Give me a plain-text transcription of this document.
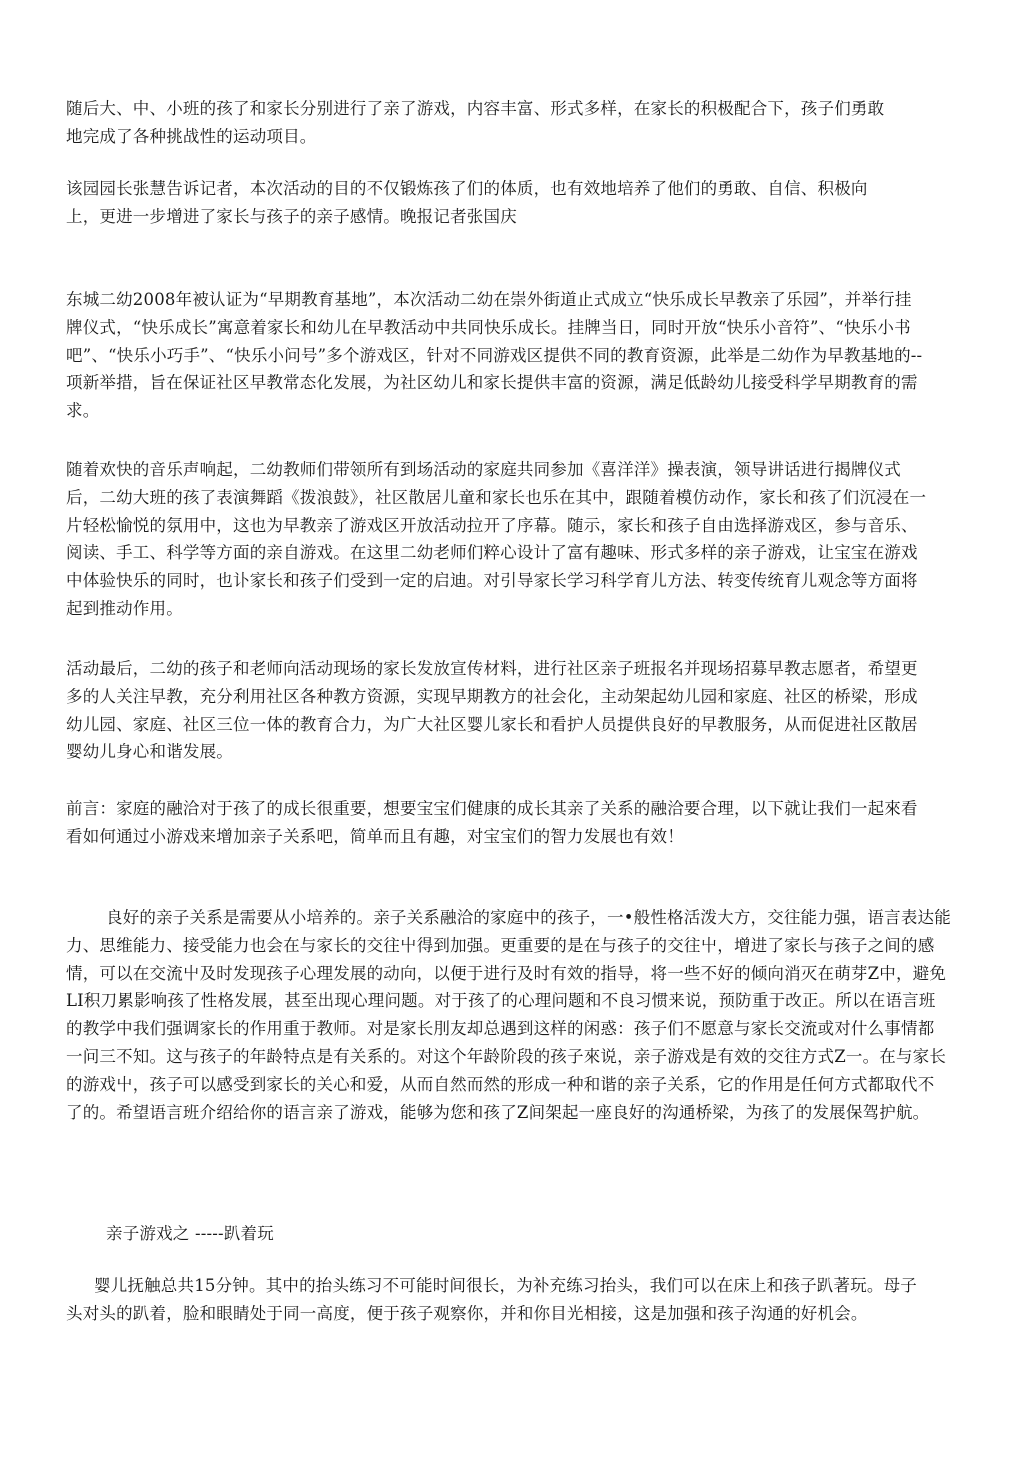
随后大、中、小班的孩了和家长分别进行了亲了游戏，内容丰富、形式多样，在家长的积极配合下，孩子们勇敢地完成了各种挑战性的运动项目。

该园园长张慧告诉记者，本次活动的目的不仅锻炼孩了们的体质，也有效地培养了他们的勇敢、自信、积极向上，更进一步增进了家长与孩子的亲子感情。晚报记者张国庆

东城二幼2008年被认证为“早期教育基地”，本次活动二幼在崇外街道止式成立“快乐成长早教亲了乐园”，并举行挂牌仪式，“快乐成长”寓意着家长和幼儿在早教活动中共同快乐成长。挂牌当日，同时开放“快乐小音符”、“快乐小书吧”、“快乐小巧手”、“快乐小问号”多个游戏区，针对不同游戏区提供不同的教育资源，此举是二幼作为早教基地的--项新举措，旨在保证社区早教常态化发展，为社区幼儿和家长提供丰富的资源，满足低龄幼儿接受科学早期教育的需求。

随着欢快的音乐声响起，二幼教师们带领所有到场活动的家庭共同参加《喜洋洋》操表演，领导讲话进行揭牌仪式后，二幼大班的孩了表演舞蹈《拨浪鼓》，社区散居儿童和家长也乐在其中，跟随着模仿动作，家长和孩了们沉浸在一片轻松愉悦的氛用中，这也为早教亲了游戏区开放活动拉开了序幕。随示，家长和孩子自由选择游戏区，参与音乐、阅读、手工、科学等方面的亲自游戏。在这里二幼老师们粹心设计了富有趣味、形式多样的亲子游戏，让宝宝在游戏中体验快乐的同时，也讣家长和孩子们受到一定的启迪。对引导家长学习科学育儿方法、转变传统育儿观念等方面将起到推动作用。

活动最后，二幼的孩子和老师向活动现场的家长发放宣传材料，进行社区亲子班报名并现场招募早教志愿者，希望更多的人关注早教，充分利用社区各种教方资源，实现早期教方的社会化，主动架起幼儿园和家庭、社区的桥梁，形成幼儿园、家庭、社区三位一体的教育合力，为广大社区婴儿家长和看护人员提供良好的早教服务，从而促进社区散居婴幼儿身心和谐发展。

前言：家庭的融洽对于孩了的成长很重要，想要宝宝们健康的成长其亲了关系的融洽要合理，以下就让我们一起來看看如何通过小游戏来增加亲子关系吧，简单而且有趣，对宝宝们的智力发展也有效！

良好的亲子关系是需要从小培养的。亲子关系融洽的家庭中的孩子，一•般性格活泼大方，交往能力强，语言表达能力、思维能力、接受能力也会在与家长的交往屮得到加强。更重要的是在与孩子的交往屮，增进了家长与孩子之间的感情，可以在交流屮及时发现孩子心理发展的动向，以便于进行及时有效的指导，将一些不好的倾向消灭在萌芽Z中，避免LI积刀累影响孩了性格发展，甚至出现心理问题。对于孩了的心理问题和不良习惯来说，预防重于改正。所以在语言班的教学中我们强调家长的作用重于教师。对是家长刖友却总遇到这样的闲惑：孩子们不愿意与家长交流或对什么事情都一问三不知。这与孩子的年龄特点是有关系的。对这个年龄阶段的孩子來说，亲子游戏是有效的交往方式Z一。在与家长的游戏屮，孩子可以感受到家长的关心和爱，从而自然而然的形成一种和谐的亲子关系，它的作用是任何方式都取代不了的。希望语言班介绍给你的语言亲了游戏，能够为您和孩了Z间架起一座良好的沟通桥梁，为孩了的发展保驾护航。

亲子游戏之 -----趴着玩

婴儿抚触总共15分钟。其中的抬头练习不可能时间很长，为补充练习抬头，我们可以在床上和孩子趴著玩。母子头对头的趴着，脸和眼睛处于同一高度，便于孩子观察你，并和你目光相接，这是加强和孩子沟通的好机会。
